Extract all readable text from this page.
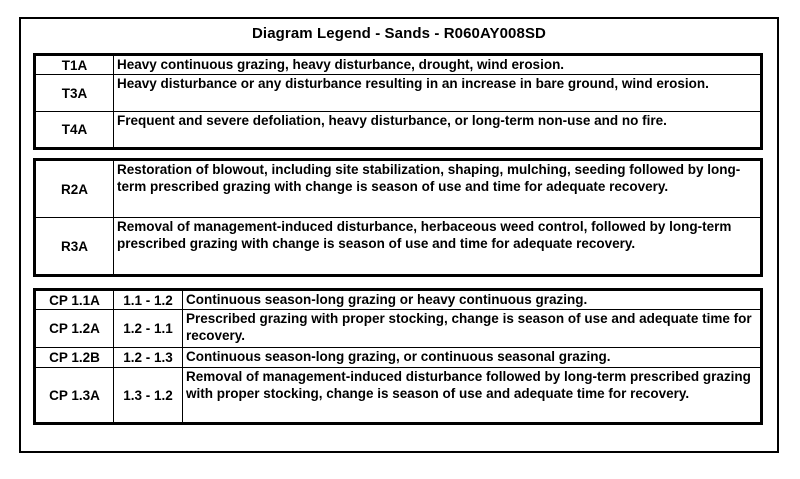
Diagram Legend - Sands - R060AY008SD
T1A	Heavy continuous grazing, heavy disturbance, drought, wind erosion.
T3A	Heavy disturbance or any disturbance resulting in an increase in bare ground, wind erosion.
T4A	Frequent and severe defoliation, heavy disturbance, or long-term non-use and no fire.
R2A	Restoration of blowout, including site stabilization, shaping, mulching, seeding followed by long-term prescribed grazing with change is season of use and time for adequate recovery.
R3A	Removal of management-induced disturbance, herbaceous weed control, followed by long-term prescribed grazing with change is season of use and time for adequate recovery.
CP 1.1A	1.1 - 1.2	Continuous season-long grazing or heavy continuous grazing.
CP 1.2A	1.2 - 1.1	Prescribed grazing with proper stocking, change is season of use and adequate time for recovery.
CP 1.2B	1.2 - 1.3	Continuous season-long grazing, or continuous seasonal grazing.
CP 1.3A	1.3 - 1.2	Removal of management-induced disturbance followed by long-term prescribed grazing with proper stocking, change is season of use and adequate time for recovery.
